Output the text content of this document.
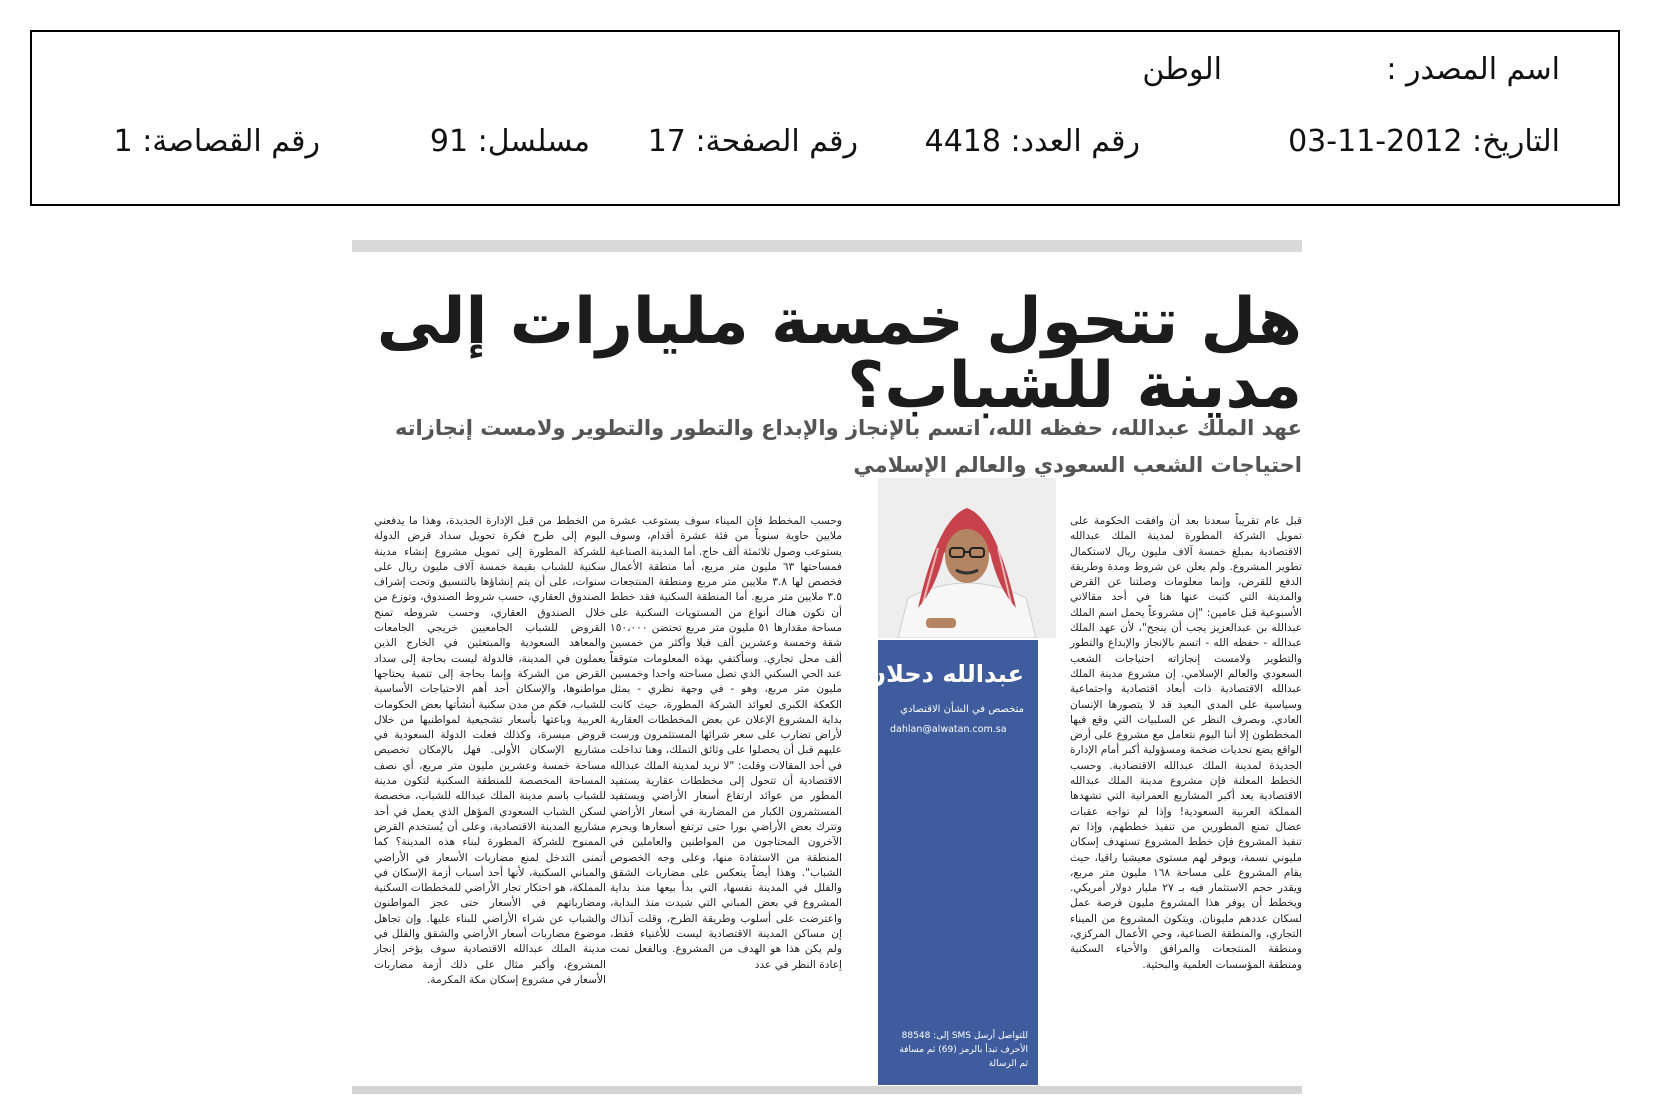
اسم المصدر :
الوطن
التاريخ: 2012-11-03
رقم العدد: 4418
رقم الصفحة: 17
مسلسل: 91
رقم القصاصة: 1
هل تتحول خمسة مليارات إلى مدينة للشباب؟
عهد الملك عبدالله، حفظه الله، اتسم بالإنجاز والإبداع والتطور والتطوير ولامست إنجازاته احتياجات الشعب السعودي والعالم الإسلامي

قبل عام تقريباً سعدنا بعد أن وافقت الحكومة على تمويل الشركة المطورة لمدينة الملك عبدالله الاقتصادية بمبلغ خمسة آلاف مليون ريال لاستكمال تطوير المشروع. ولم يعلن عن شروط ومدة وطريقة الدفع للقرض، وإنما معلومات وصلتنا عن القرض والمدينة التي كتبت عنها هنا في أحد مقالاتي الأسبوعية قبل عامين: "إن مشروعاً يحمل اسم الملك عبدالله بن عبدالعزيز يجب أن ينجح"، لأن عهد الملك عبدالله - حفظه الله - اتسم بالإنجاز والإبداع والتطور والتطوير ولامست إنجازاته احتياجات الشعب السعودي والعالم الإسلامي. إن مشروع مدينة الملك عبدالله الاقتصادية ذات أبعاد اقتصادية واجتماعية وسياسية على المدى البعيد قد لا يتصورها الإنسان العادي. وبصرف النظر عن السلبيات التي وقع فيها المخططون إلا أننا اليوم نتعامل مع مشروع على أرض الواقع يضع تحديات ضخمة ومسؤولية أكبر أمام الإدارة الجديدة لمدينة الملك عبدالله الاقتصادية. وحسب الخطط المعلنة فإن مشروع مدينة الملك عبدالله الاقتصادية يعد أكبر المشاريع العمرانية التي تشهدها المملكة العربية السعودية! وإذا لم تواجه عقبات عضال تمنع المطورين من تنفيذ خططهم، وإذا تم تنفيذ المشروع فإن خطط المشروع تستهدف إسكان مليوني نسمة، ويوفر لهم مستوى معيشيا راقيا، حيث يقام المشروع على مساحة ١٦٨ مليون متر مربع، ويقدر حجم الاستثمار فيه بـ ٢٧ مليار دولار أمريكي. ويخطط أن يوفر هذا المشروع مليون فرصة عمل لسكان عددهم مليونان. ويتكون المشروع من الميناء التجاري، والمنطقة الصناعية، وحي الأعمال المركزي، ومنطقة المنتجعات والمرافق والأحياء السكنية ومنطقة المؤسسات العلمية والبحثية.

عبدالله دحلان
متخصص في الشأن الاقتصادي
dahlan@alwatan.com.sa
للتواصل أرسل SMS إلى: 88548 الأحرف تبدأ بالرمز (69) ثم مسافة ثم الرسالة

وحسب المخطط فإن الميناء سوف يستوعب عشرة ملايين حاوية سنوياً من فئة عشرة أقدام، وسوف يستوعب وصول ثلاثمئة ألف حاج. أما المدينة الصناعية فمساحتها ٦٣ مليون متر مربع، أما منطقة الأعمال فخصص لها ٣.٨ ملايين متر مربع ومنطقة المنتجعات ٣.٥ ملايين متر مربع. أما المنطقة السكنية فقد خطط أن تكون هناك أنواع من المستويات السكنية على مساحة مقدارها ٥١ مليون متر مربع تحتضن ١٥٠،٠٠٠ شقة وخمسة وعشرين ألف فيلا وأكثر من خمسين ألف محل تجاري. وسأكتفي بهذه المعلومات متوقفاً عند الحي السكني الذي تصل مساحته واحدا وخمسين مليون متر مربع، وهو - في وجهة نظري - يمثل الكعكة الكبرى لعوائد الشركة المطورة، حيث كانت بداية المشروع الإعلان عن بعض المخططات العقارية لأراض تضارب على سعر شرائها المستثمرون ورست عليهم قبل أن يحصلوا على وثائق التملك، وهنا تداخلت في أحد المقالات وقلت: "لا نريد لمدينة الملك عبدالله الاقتصادية أن تتحول إلى مخططات عقارية يستفيد المطور من عوائد ارتفاع أسعار الأراضي ويستفيد المستثمرون الكبار من المضاربة في أسعار الأراضي وتترك بعض الأراضي بورا حتى ترتفع أسعارها ويحرم الآخرون المحتاجون من المواطنين والعاملين في المنطقة من الاستفادة منها، وعلى وجه الخصوص الشباب". وهذا أيضاً ينعكس على مضاربات الشقق والفلل في المدينة نفسها، التي بدأ بيعها منذ بداية المشروع في بعض المباني التي شيدت منذ البداية، واعترضت على أسلوب وطريقة الطرح، وقلت آنذاك إن مساكن المدينة الاقتصادية ليست للأغنياء فقط، ولم يكن هذا هو الهدف من المشروع. وبالفعل تمت إعادة النظر في عدد

من الخطط من قبل الإدارة الجديدة، وهذا ما يدفعني اليوم إلى طرح فكرة تحويل سداد قرض الدولة للشركة المطورة إلى تمويل مشروع إنشاء مدينة سكنية للشباب بقيمة خمسة آلاف مليون ريال على سنوات، على أن يتم إنشاؤها بالتنسيق وتحت إشراف الصندوق العقاري، حسب شروط الصندوق، وتوزع من خلال الصندوق العقاري، وحسب شروطه تمنح القروض للشباب الجامعيين خريجي الجامعات والمعاهد السعودية والمبتعثين في الخارج الذين يعملون في المدينة، فالدولة ليست بحاجة إلى سداد القرض من الشركة وإنما بحاجة إلى تنمية يحتاجها مواطنوها، والإسكان أحد أهم الاحتياجات الأساسية للشباب، فكم من مدن سكنية أنشأتها بعض الحكومات العربية وباعتها بأسعار تشجيعية لمواطنيها من خلال قروض ميسرة، وكذلك فعلت الدولة السعودية في مشاريع الإسكان الأولى. فهل بالإمكان تخصيص مساحة خمسة وعشرين مليون متر مربع، أي نصف المساحة المخصصة للمنطقة السكنية لتكون مدينة للشباب باسم مدينة الملك عبدالله للشباب، مخصصة لسكن الشباب السعودي المؤهل الذي يعمل في أحد مشاريع المدينة الاقتصادية، وعلى أن يُستخدم القرض الممنوح للشركة المطورة لبناء هذه المدينة؟ كما أتمنى التدخل لمنع مضاربات الأسعار في الأراضي والمباني السكنية، لأنها أحد أسباب أزمة الإسكان في المملكة، هو احتكار تجار الأراضي للمخططات السكنية ومضارباتهم في الأسعار حتى عجز المواطنون والشباب عن شراء الأراضي للبناء عليها. وإن تجاهل موضوع مضاربات أسعار الأراضي والشقق والفلل في مدينة الملك عبدالله الاقتصادية سوف يؤخر إنجاز المشروع، وأكبر مثال على ذلك أزمة مضاربات الأسعار في مشروع إسكان مكة المكرمة.
